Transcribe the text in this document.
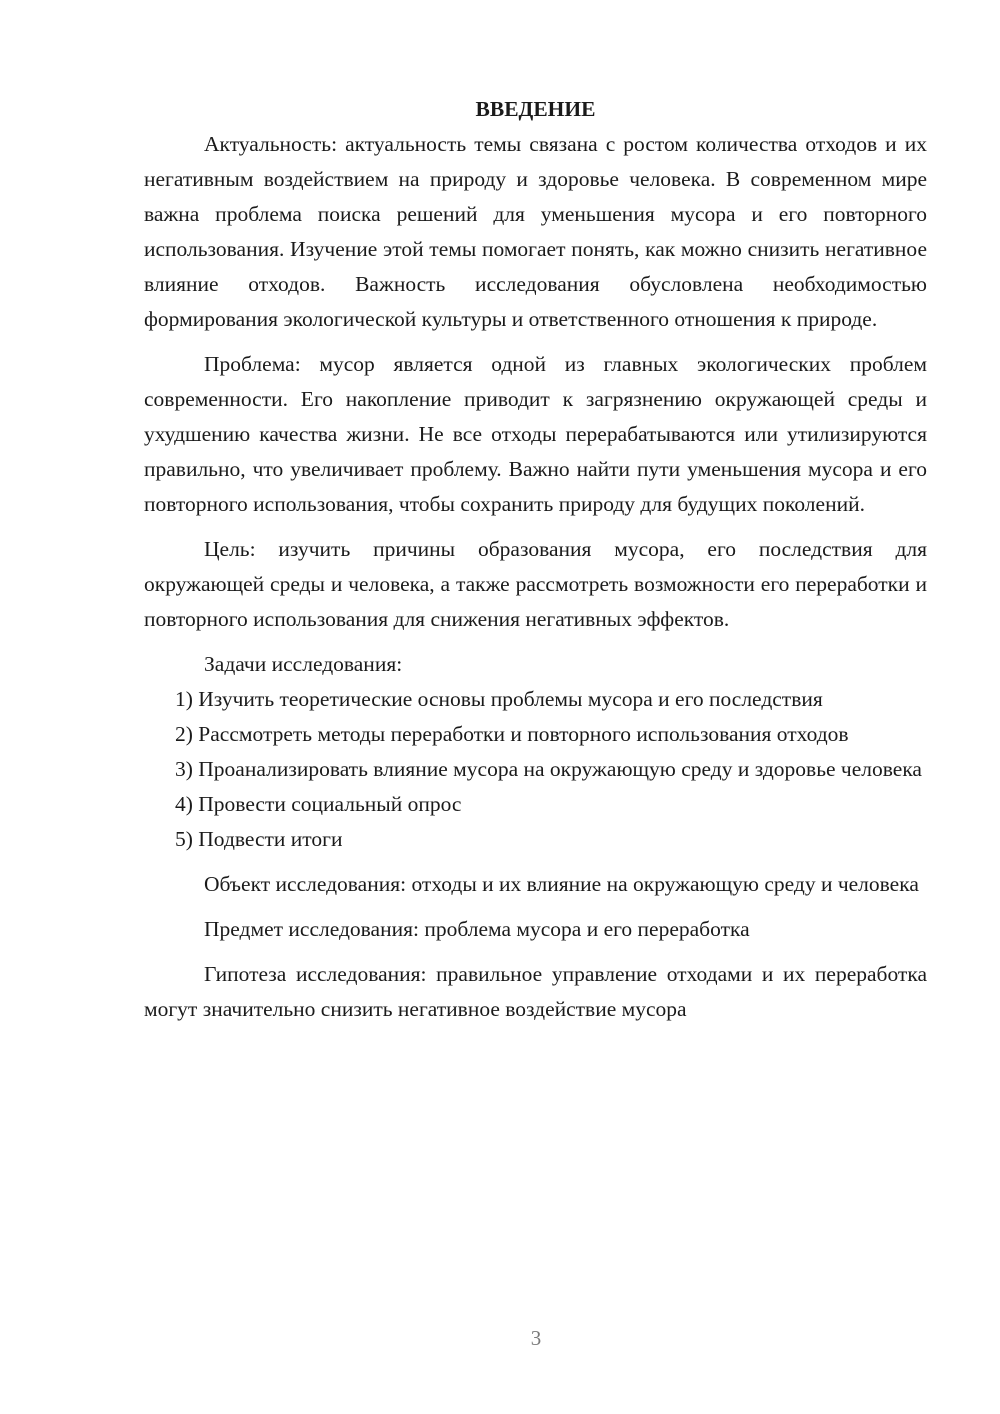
ВВЕДЕНИЕ

Актуальность: актуальность темы связана с ростом количества отходов и их негативным воздействием на природу и здоровье человека. В современном мире важна проблема поиска решений для уменьшения мусора и его повторного использования. Изучение этой темы помогает понять, как можно снизить негативное влияние отходов. Важность исследования обусловлена необходимостью формирования экологической культуры и ответственного отношения к природе.

Проблема: мусор является одной из главных экологических проблем современности. Его накопление приводит к загрязнению окружающей среды и ухудшению качества жизни. Не все отходы перерабатываются или утилизируются правильно, что увеличивает проблему. Важно найти пути уменьшения мусора и его повторного использования, чтобы сохранить природу для будущих поколений.

Цель: изучить причины образования мусора, его последствия для окружающей среды и человека, а также рассмотреть возможности его переработки и повторного использования для снижения негативных эффектов.

Задачи исследования:

1) Изучить теоретические основы проблемы мусора и его последствия

2) Рассмотреть методы переработки и повторного использования отходов

3) Проанализировать влияние мусора на окружающую среду и здоровье человека

4) Провести социальный опрос

5) Подвести итоги

Объект исследования: отходы и их влияние на окружающую среду и человека

Предмет исследования: проблема мусора и его переработка

Гипотеза исследования: правильное управление отходами и их переработка могут значительно снизить негативное воздействие мусора

3
